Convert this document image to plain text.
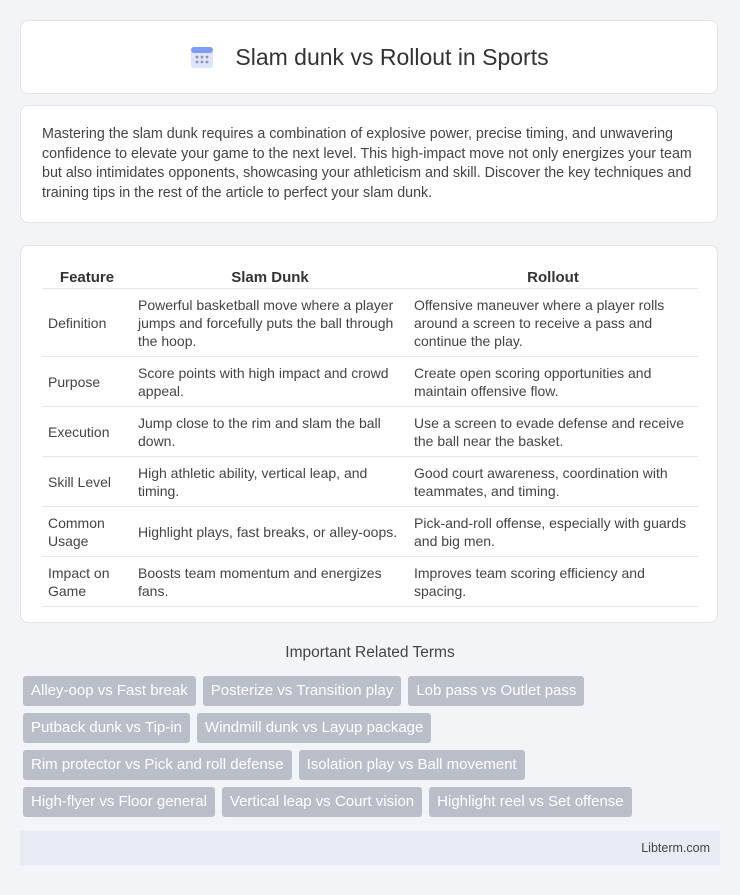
Slam dunk vs Rollout in Sports

Mastering the slam dunk requires a combination of explosive power, precise timing, and unwavering confidence to elevate your game to the next level. This high-impact move not only energizes your team but also intimidates opponents, showcasing your athleticism and skill. Discover the key techniques and training tips in the rest of the article to perfect your slam dunk.

Feature	Slam Dunk	Rollout
Definition	Powerful basketball move where a player jumps and forcefully puts the ball through the hoop.	Offensive maneuver where a player rolls around a screen to receive a pass and continue the play.
Purpose	Score points with high impact and crowd appeal.	Create open scoring opportunities and maintain offensive flow.
Execution	Jump close to the rim and slam the ball down.	Use a screen to evade defense and receive the ball near the basket.
Skill Level	High athletic ability, vertical leap, and timing.	Good court awareness, coordination with teammates, and timing.
Common Usage	Highlight plays, fast breaks, or alley-oops.	Pick-and-roll offense, especially with guards and big men.
Impact on Game	Boosts team momentum and energizes fans.	Improves team scoring efficiency and spacing.
Important Related Terms
Alley-oop vs Fast break	Posterize vs Transition play	Lob pass vs Outlet pass
Putback dunk vs Tip-in	Windmill dunk vs Layup package
Rim protector vs Pick and roll defense	Isolation play vs Ball movement
High-flyer vs Floor general	Vertical leap vs Court vision	Highlight reel vs Set offense
Libterm.com
